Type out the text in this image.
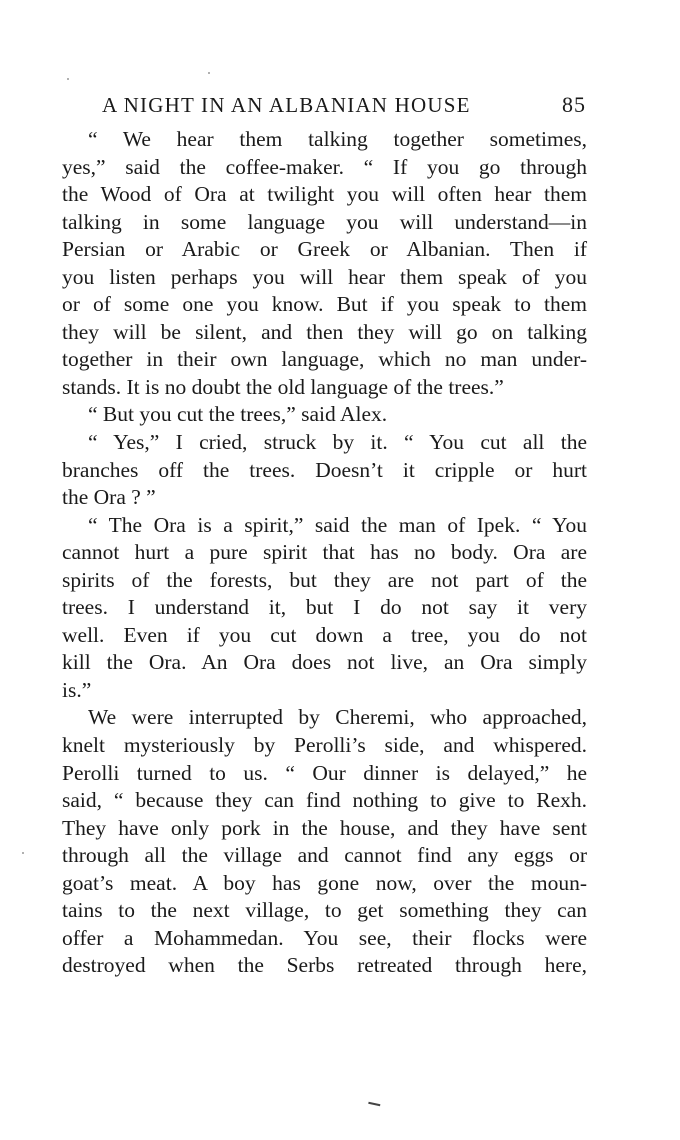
A NIGHT IN AN ALBANIAN HOUSE	85
“ We hear them talking together sometimes,
yes,” said the coffee-maker. “ If you go through
the Wood of Ora at twilight you will often hear them
talking in some language you will understand—in
Persian or Arabic or Greek or Albanian. Then if
you listen perhaps you will hear them speak of you
or of some one you know. But if you speak to them
they will be silent, and then they will go on talking
together in their own language, which no man under-
stands. It is no doubt the old language of the trees.”
“ But you cut the trees,” said Alex.
“ Yes,” I cried, struck by it. “ You cut all the
branches off the trees. Doesn’t it cripple or hurt
the Ora ? ”
“ The Ora is a spirit,” said the man of Ipek. “ You
cannot hurt a pure spirit that has no body. Ora are
spirits of the forests, but they are not part of the
trees. I understand it, but I do not say it very
well. Even if you cut down a tree, you do not
kill the Ora. An Ora does not live, an Ora simply
is.”
We were interrupted by Cheremi, who approached,
knelt mysteriously by Perolli’s side, and whispered.
Perolli turned to us. “ Our dinner is delayed,” he
said, “ because they can find nothing to give to Rexh.
They have only pork in the house, and they have sent
through all the village and cannot find any eggs or
goat’s meat. A boy has gone now, over the moun-
tains to the next village, to get something they can
offer a Mohammedan. You see, their flocks were
destroyed when the Serbs retreated through here,
